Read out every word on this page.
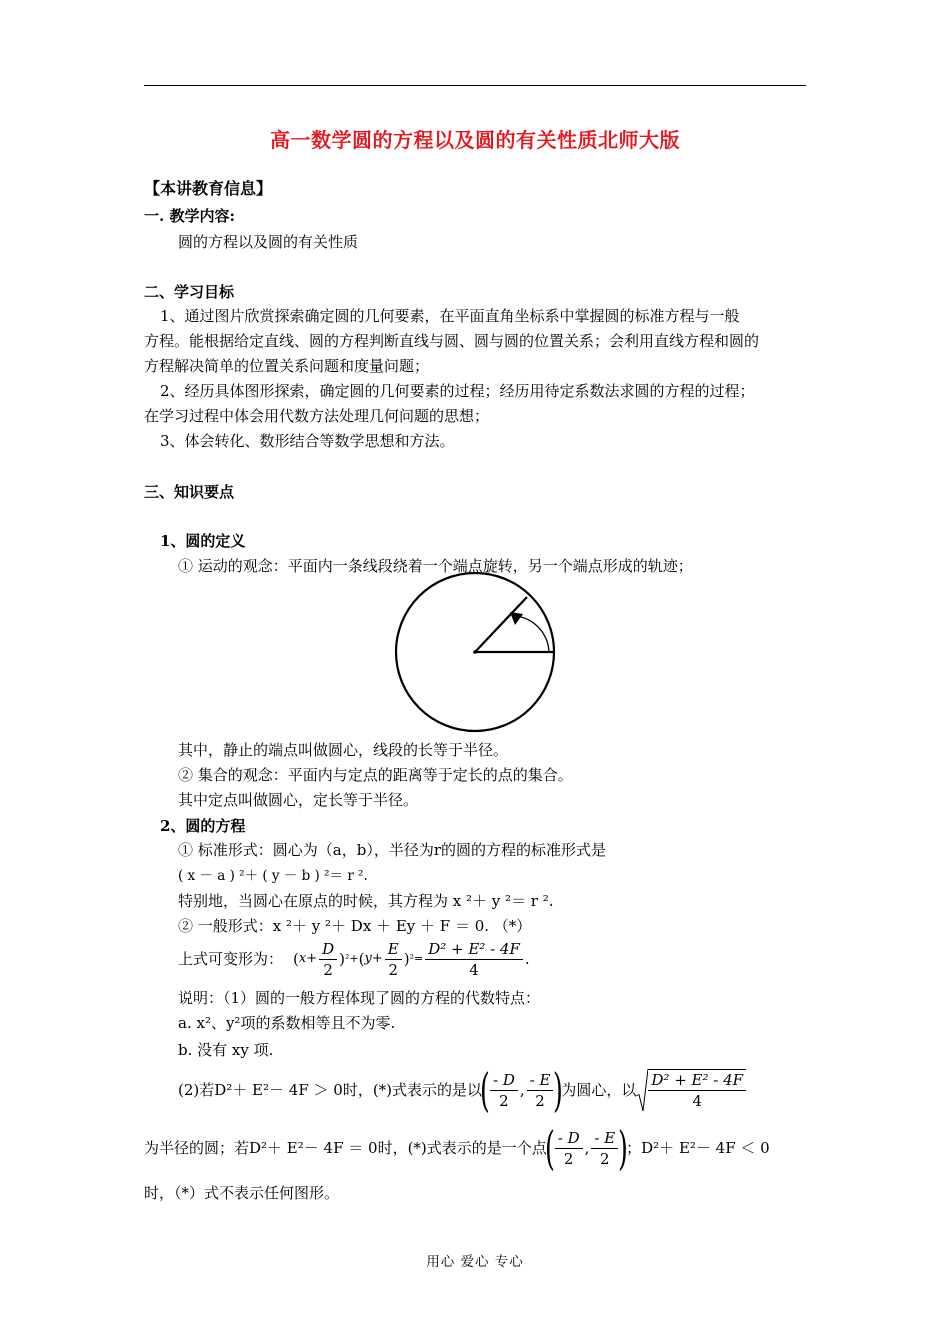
高一数学圆的方程以及圆的有关性质北师大版
【本讲教育信息】
一. 教学内容:
圆的方程以及圆的有关性质
二、学习目标
1、通过图片欣赏探索确定圆的几何要素，在平面直角坐标系中掌握圆的标准方程与一般
方程。能根据给定直线、圆的方程判断直线与圆、圆与圆的位置关系；会利用直线方程和圆的
方程解决简单的位置关系问题和度量问题；
2、经历具体图形探索，确定圆的几何要素的过程；经历用待定系数法求圆的方程的过程；
在学习过程中体会用代数方法处理几何问题的思想；
3、体会转化、数形结合等数学思想和方法。
三、知识要点
1、圆的定义
① 运动的观念：平面内一条线段绕着一个端点旋转，另一个端点形成的轨迹；
其中，静止的端点叫做圆心，线段的长等于半径。
② 集合的观念：平面内与定点的距离等于定长的点的集合。
其中定点叫做圆心，定长等于半径。
2、圆的方程
① 标准形式：圆心为（a，b），半径为r的圆的方程的标准形式是
( x － a ) ²＋ ( y － b ) ²＝ r ².
特别地，当圆心在原点的时候，其方程为 x ²＋ y ²＝ r ².
② 一般形式：x ²＋ y ²＋ Dx ＋ Ey ＋ F ＝ 0. （*）
上式可变形为： ( $x+ \frac{D}{2}$ ) ²+ ( $y+ \frac{E}{2}$ ) $^2= \frac{\text{D² + E² - 4F}}{4}$ .
说明：（1）圆的一般方程体现了圆的方程的代数特点：
a. x²、y²项的系数相等且不为零.
b. 没有 xy 项.
(2)若D²＋ E²－ 4F ＞ 0时，(*)式表示的是以
( $\frac{- D}{2}$ , $\frac{- E}{2}$ )
为圆心，以 $\frac{\text{D² + E² - 4F}}{4}$
为半径的圆；若D²＋ E²－ 4F ＝ 0时，(*)式表示的是一个点
( $\frac{- D}{2}$ , $\frac{- E}{2}$ )
；D²＋ E²－ 4F ＜ 0
时，（*）式不表示任何图形。
用心 爱心 专心
